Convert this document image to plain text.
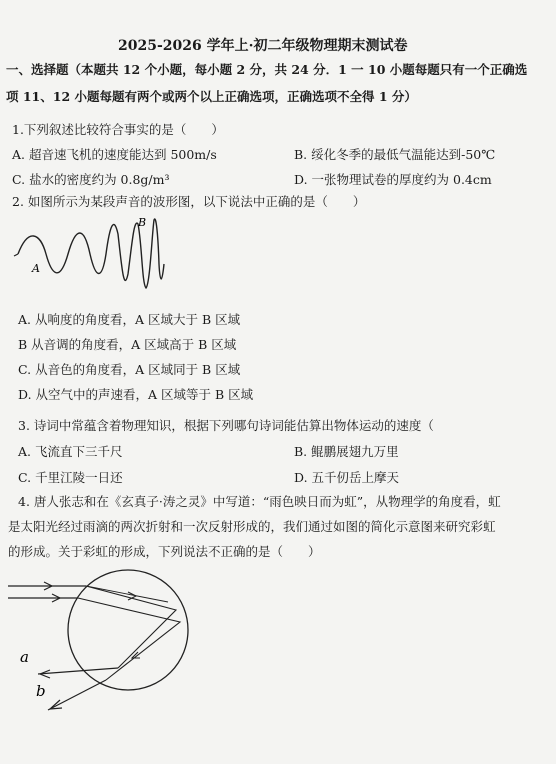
2025-2026 学年上·初二年级物理期末测试卷
一、选择题（本题共 12 个小题，每小题 2 分，共 24 分．1 一 10 小题每题只有一个正确选
项 11、12 小题每题有两个或两个以上正确选项，正确选项不全得 1 分）
1.下列叙述比较符合事实的是（　　）
A. 超音速飞机的速度能达到 500m/s	B. 绥化冬季的最低气温能达到-50℃
C. 盐水的密度约为 0.8g/m³	D. 一张物理试卷的厚度约为 0.4cm
2. 如图所示为某段声音的波形图，以下说法中正确的是（　　）
A
B
A. 从响度的角度看，A 区域大于 B 区域
B 从音调的角度看，A 区域高于 B 区域
C. 从音色的角度看，A 区域同于 B 区域
D. 从空气中的声速看，A 区域等于 B 区域
3. 诗词中常蕴含着物理知识，根据下列哪句诗词能估算出物体运动的速度（
A. 飞流直下三千尺	B. 鲲鹏展翅九万里
C. 千里江陵一日还	D. 五千仞岳上摩天
4. 唐人张志和在《玄真子·涛之灵》中写道：“雨色映日而为虹”，从物理学的角度看，虹
是太阳光经过雨滴的两次折射和一次反射形成的，我们通过如图的简化示意图来研究彩虹
的形成。关于彩虹的形成，下列说法不正确的是（　　）
a
b
